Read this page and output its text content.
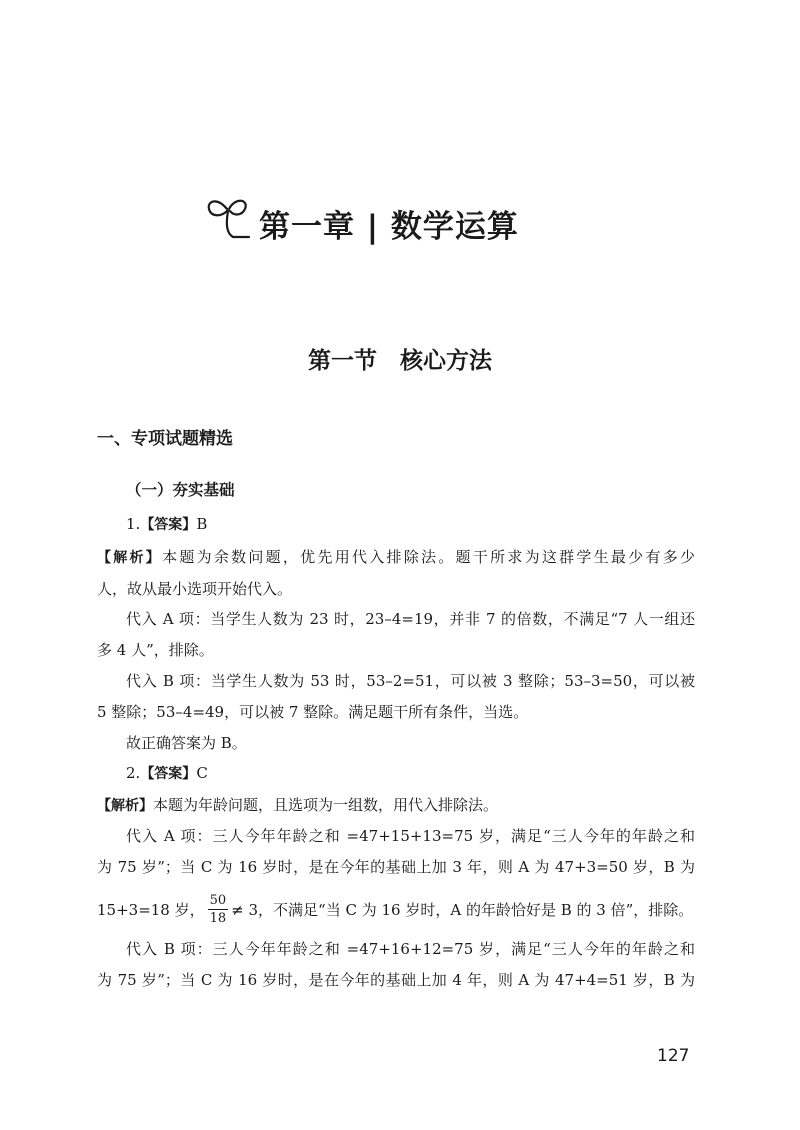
第一章 | 数学运算
第一节　核心方法
一、专项试题精选
（一）夯实基础
1.【答案】B
【解析】本题为余数问题，优先用代入排除法。题干所求为这群学生最少有多少
人，故从最小选项开始代入。
代入 A 项：当学生人数为 23 时，23–4=19，并非 7 的倍数，不满足“7 人一组还
多 4 人”，排除。
代入 B 项：当学生人数为 53 时，53–2=51，可以被 3 整除；53–3=50，可以被
5 整除；53–4=49，可以被 7 整除。满足题干所有条件，当选。
故正确答案为 B。
2.【答案】C
【解析】本题为年龄问题，且选项为一组数，用代入排除法。
代入 A 项：三人今年年龄之和 =47+15+13=75 岁，满足“三人今年的年龄之和
为 75 岁”；当 C 为 16 岁时，是在今年的基础上加 3 年，则 A 为 47+3=50 岁，B 为
15+3=18 岁， $\frac{50}{18} \ne 3$，不满足“当 C 为 16 岁时，A 的年龄恰好是 B 的 3 倍”，排除。
代入 B 项：三人今年年龄之和 =47+16+12=75 岁，满足“三人今年的年龄之和
为 75 岁”；当 C 为 16 岁时，是在今年的基础上加 4 年，则 A 为 47+4=51 岁，B 为
127
